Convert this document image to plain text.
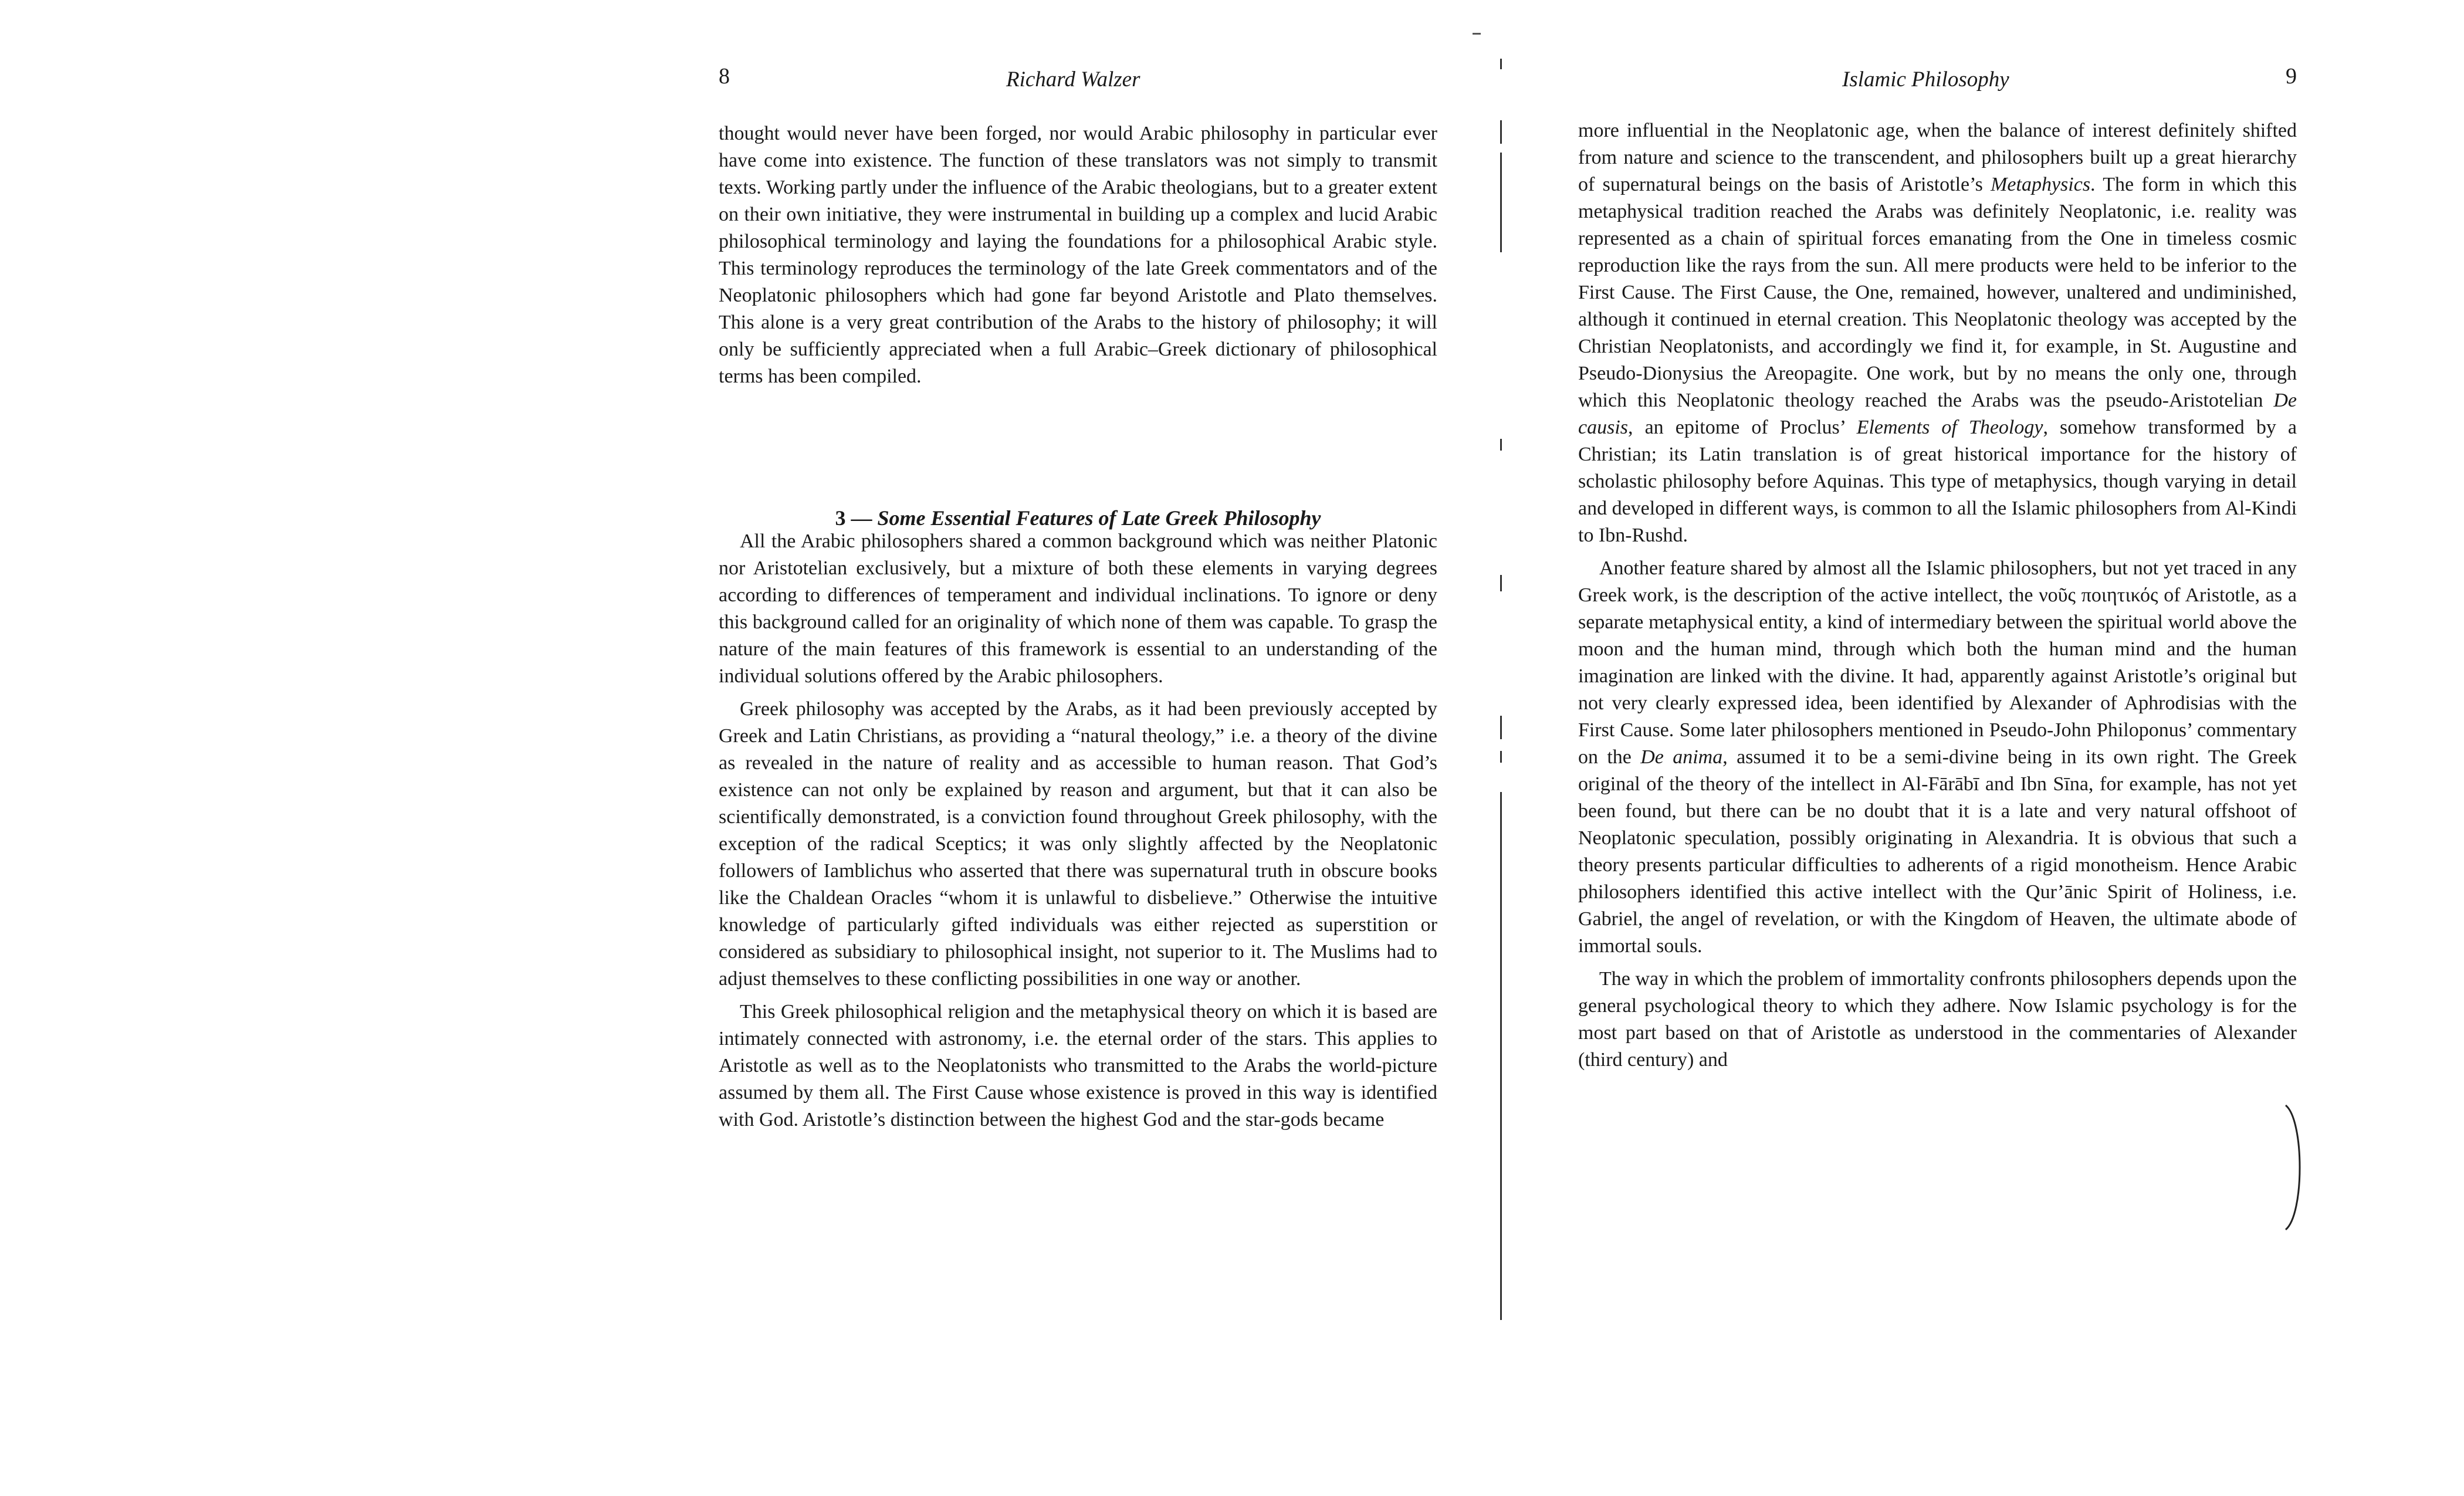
8	Richard Walzer

thought would never have been forged, nor would Arabic philosophy in particular ever have come into existence. The function of these translators was not simply to transmit texts. Working partly under the influence of the Arabic theologians, but to a greater extent on their own initiative, they were instrumental in building up a complex and lucid Arabic philosophical terminology and laying the foundations for a philosophical Arabic style. This terminology reproduces the terminology of the late Greek commentators and of the Neoplatonic philosophers which had gone far beyond Aristotle and Plato themselves. This alone is a very great contribution of the Arabs to the history of philosophy; it will only be sufficiently appreciated when a full Arabic–Greek dictionary of philosophical terms has been compiled.

3 — Some Essential Features of Late Greek Philosophy

All the Arabic philosophers shared a common background which was neither Platonic nor Aristotelian exclusively, but a mixture of both these elements in varying degrees according to differences of temperament and individual inclinations. To ignore or deny this background called for an originality of which none of them was capable. To grasp the nature of the main features of this framework is essential to an understanding of the individual solutions offered by the Arabic philosophers.

Greek philosophy was accepted by the Arabs, as it had been previously accepted by Greek and Latin Christians, as providing a “natural theology,” i.e. a theory of the divine as revealed in the nature of reality and as accessible to human reason. That God’s existence can not only be explained by reason and argument, but that it can also be scientifically demonstrated, is a conviction found throughout Greek philosophy, with the exception of the radical Sceptics; it was only slightly affected by the Neoplatonic followers of Iamblichus who asserted that there was supernatural truth in obscure books like the Chaldean Oracles “whom it is unlawful to disbelieve.” Otherwise the intuitive knowledge of particularly gifted individuals was either rejected as superstition or considered as subsidiary to philosophical insight, not superior to it. The Muslims had to adjust themselves to these conflicting possibilities in one way or another.

This Greek philosophical religion and the metaphysical theory on which it is based are intimately connected with astronomy, i.e. the eternal order of the stars. This applies to Aristotle as well as to the Neoplatonists who transmitted to the Arabs the world-picture assumed by them all. The First Cause whose existence is proved in this way is identified with God. Aristotle’s distinction between the highest God and the star-gods became

Islamic Philosophy	9

more influential in the Neoplatonic age, when the balance of interest definitely shifted from nature and science to the transcendent, and philosophers built up a great hierarchy of supernatural beings on the basis of Aristotle’s Metaphysics. The form in which this metaphysical tradition reached the Arabs was definitely Neoplatonic, i.e. reality was represented as a chain of spiritual forces emanating from the One in timeless cosmic reproduction like the rays from the sun. All mere products were held to be inferior to the First Cause. The First Cause, the One, remained, however, unaltered and undiminished, although it continued in eternal creation. This Neoplatonic theology was accepted by the Christian Neoplatonists, and accordingly we find it, for example, in St. Augustine and Pseudo-Dionysius the Areopagite. One work, but by no means the only one, through which this Neoplatonic theology reached the Arabs was the pseudo-Aristotelian De causis, an epitome of Proclus’ Elements of Theology, somehow transformed by a Christian; its Latin translation is of great historical importance for the history of scholastic philosophy before Aquinas. This type of metaphysics, though varying in detail and developed in different ways, is common to all the Islamic philosophers from Al-Kindi to Ibn-Rushd.

Another feature shared by almost all the Islamic philosophers, but not yet traced in any Greek work, is the description of the active intellect, the νοῦς ποιητικός of Aristotle, as a separate metaphysical entity, a kind of intermediary between the spiritual world above the moon and the human mind, through which both the human mind and the human imagination are linked with the divine. It had, apparently against Aristotle’s original but not very clearly expressed idea, been identified by Alexander of Aphrodisias with the First Cause. Some later philosophers mentioned in Pseudo-John Philoponus’ commentary on the De anima, assumed it to be a semi-divine being in its own right. The Greek original of the theory of the intellect in Al-Fārābī and Ibn Sīna, for example, has not yet been found, but there can be no doubt that it is a late and very natural offshoot of Neoplatonic speculation, possibly originating in Alexandria. It is obvious that such a theory presents particular difficulties to adherents of a rigid monotheism. Hence Arabic philosophers identified this active intellect with the Qur’ānic Spirit of Holiness, i.e. Gabriel, the angel of revelation, or with the Kingdom of Heaven, the ultimate abode of immortal souls.

The way in which the problem of immortality confronts philosophers depends upon the general psychological theory to which they adhere. Now Islamic psychology is for the most part based on that of Aristotle as understood in the commentaries of Alexander (third century) and
